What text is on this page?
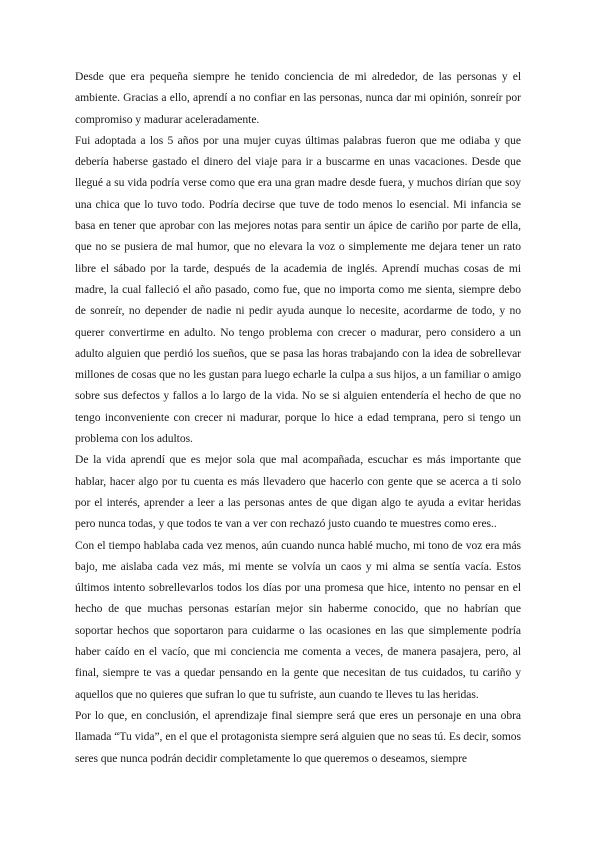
Desde que era pequeña siempre he tenido conciencia de mi alrededor, de las personas y el ambiente. Gracias a ello, aprendí a no confiar en las personas, nunca dar mi opinión, sonreír por compromiso y madurar aceleradamente.

Fui adoptada a los 5 años por una mujer cuyas últimas palabras fueron que me odiaba y que debería haberse gastado el dinero del viaje para ir a buscarme en unas vacaciones. Desde que llegué a su vida podría verse como que era una gran madre desde fuera, y muchos dirían que soy una chica que lo tuvo todo. Podría decirse que tuve de todo menos lo esencial. Mi infancia se basa en tener que aprobar con las mejores notas para sentir un ápice de cariño por parte de ella, que no se pusiera de mal humor, que no elevara la voz o simplemente me dejara tener un rato libre el sábado por la tarde, después de la academia de inglés. Aprendí muchas cosas de mi madre, la cual falleció el año pasado, como fue, que no importa como me sienta, siempre debo de sonreír, no depender de nadie ni pedir ayuda aunque lo necesite, acordarme de todo, y no querer convertirme en adulto. No tengo problema con crecer o madurar, pero considero a un adulto alguien que perdió los sueños, que se pasa las horas trabajando con la idea de sobrellevar millones de cosas que no les gustan para luego echarle la culpa a sus hijos, a un familiar o amigo sobre sus defectos y fallos a lo largo de la vida. No se si alguien entendería el hecho de que no tengo inconveniente con crecer ni madurar, porque lo hice a edad temprana, pero si tengo un problema con los adultos.

De la vida aprendí que es mejor sola que mal acompañada, escuchar es más importante que hablar, hacer algo por tu cuenta es más llevadero que hacerlo con gente que se acerca a ti solo por el interés, aprender a leer a las personas antes de que digan algo te ayuda a evitar heridas pero nunca todas, y que todos te van a ver con rechazó justo cuando te muestres como eres..

Con el tiempo hablaba cada vez menos, aún cuando nunca hablé mucho, mi tono de voz era más bajo, me aislaba cada vez más, mi mente se volvía un caos y mi alma se sentía vacía. Estos últimos intento sobrellevarlos todos los días por una promesa que hice, intento no pensar en el hecho de que muchas personas estarían mejor sin haberme conocido, que no habrían que soportar hechos que soportaron para cuidarme o las ocasiones en las que simplemente podría haber caído en el vacío, que mi conciencia me comenta a veces, de manera pasajera, pero, al final, siempre te vas a quedar pensando en la gente que necesitan de tus cuidados, tu cariño y aquellos que no quieres que sufran lo que tu sufriste, aun cuando te lleves tu las heridas.

Por lo que, en conclusión, el aprendizaje final siempre será que eres un personaje en una obra llamada “Tu vida”, en el que el protagonista siempre será alguien que no seas tú. Es decir, somos seres que nunca podrán decidir completamente lo que queremos o deseamos, siempre
